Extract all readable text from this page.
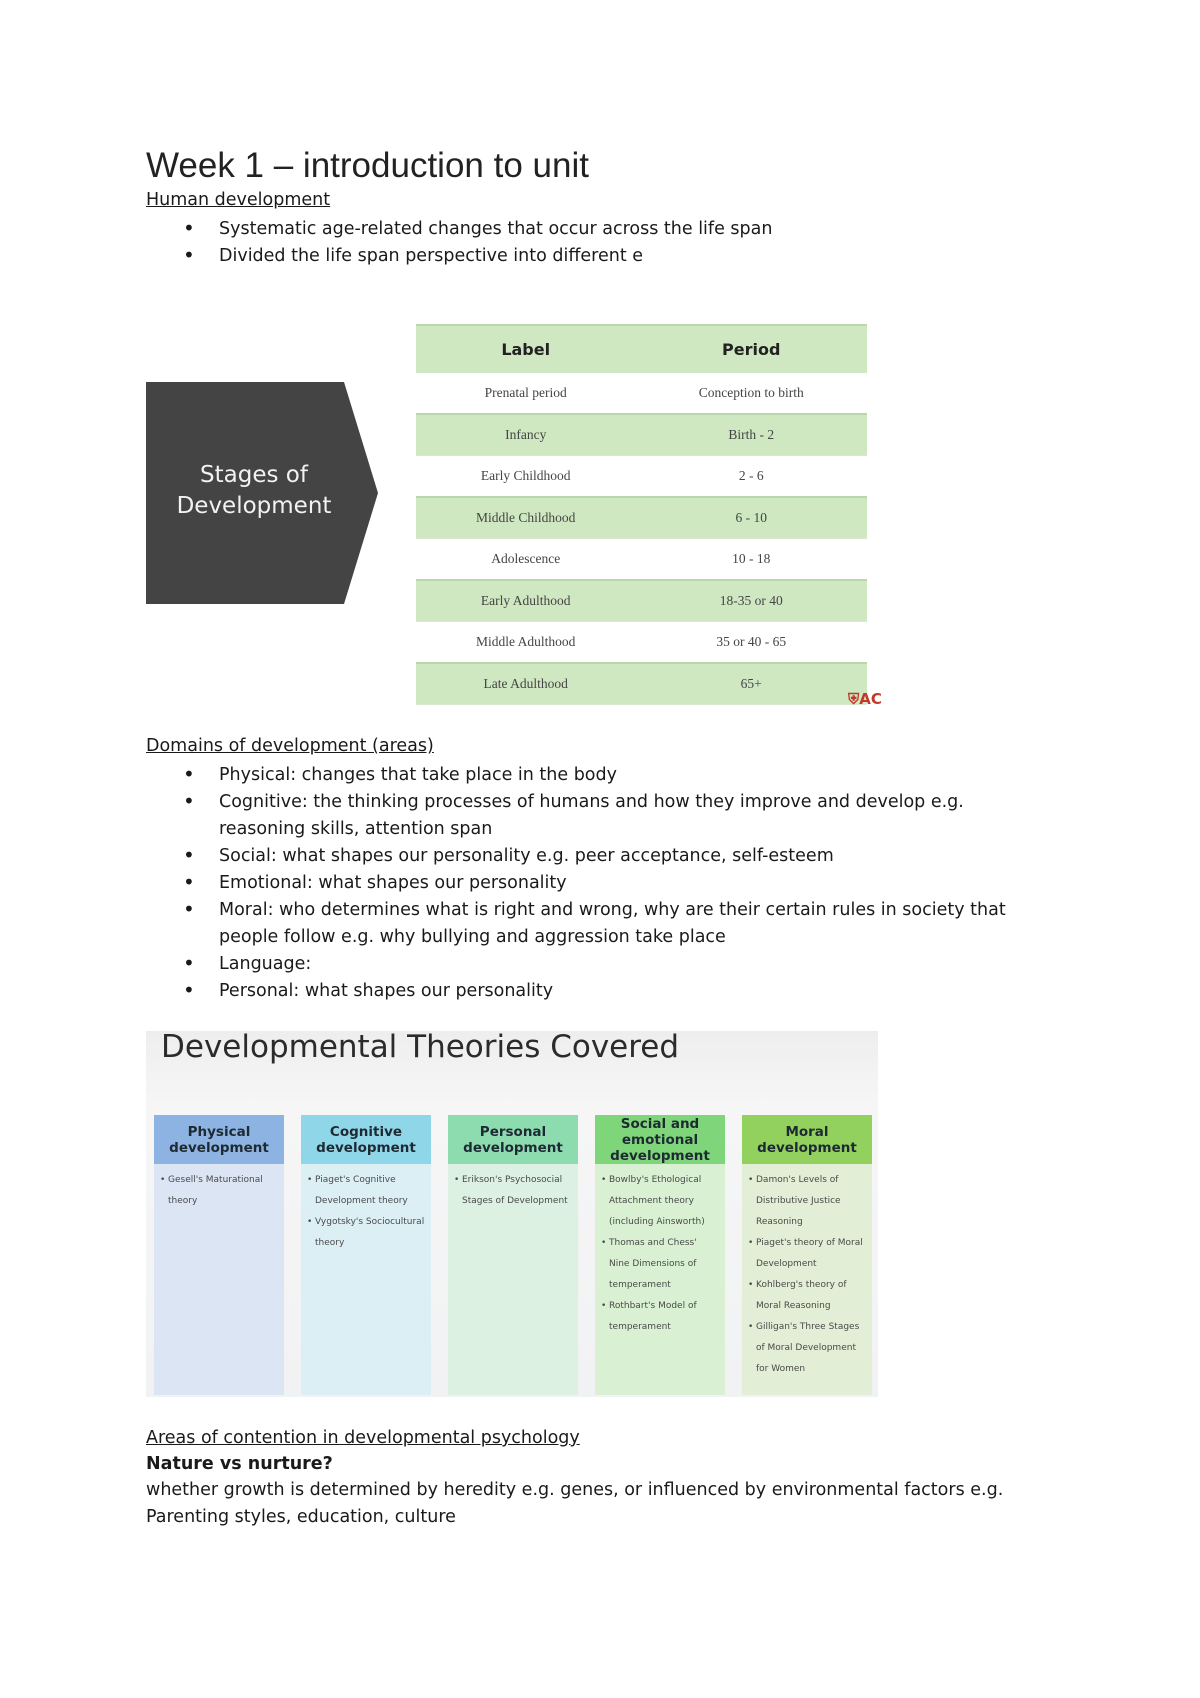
Week 1 – introduction to unit
Human development
• Systematic age-related changes that occur across the life span
• Divided the life span perspective into different e
Stages of Development
Label	Period
Prenatal period	Conception to birth
Infancy	Birth - 2
Early Childhood	2 - 6
Middle Childhood	6 - 10
Adolescence	10 - 18
Early Adulthood	18-35 or 40
Middle Adulthood	35 or 40 - 65
Late Adulthood	65+
⛨AC
Domains of development (areas)
• Physical: changes that take place in the body
• Cognitive: the thinking processes of humans and how they improve and develop e.g.
reasoning skills, attention span
• Social: what shapes our personality e.g. peer acceptance, self-esteem
• Emotional: what shapes our personality
• Moral: who determines what is right and wrong, why are their certain rules in society that
people follow e.g. why bullying and aggression take place
• Language:
• Personal: what shapes our personality
Developmental Theories Covered
Physical
development
• Gesell's Maturational
theory
Cognitive
development
• Piaget's Cognitive
Development theory
• Vygotsky's Sociocultural
theory
Personal
development
• Erikson's Psychosocial
Stages of Development
Social and
emotional
development
• Bowlby's Ethological
Attachment theory
(including Ainsworth)
• Thomas and Chess'
Nine Dimensions of
temperament
• Rothbart's Model of
temperament
Moral
development
• Damon's Levels of
Distributive Justice
Reasoning
• Piaget's theory of Moral
Development
• Kohlberg's theory of
Moral Reasoning
• Gilligan's Three Stages
of Moral Development
for Women
Areas of contention in developmental psychology
Nature vs nurture?
whether growth is determined by heredity e.g. genes, or influenced by environmental factors e.g.
Parenting styles, education, culture
